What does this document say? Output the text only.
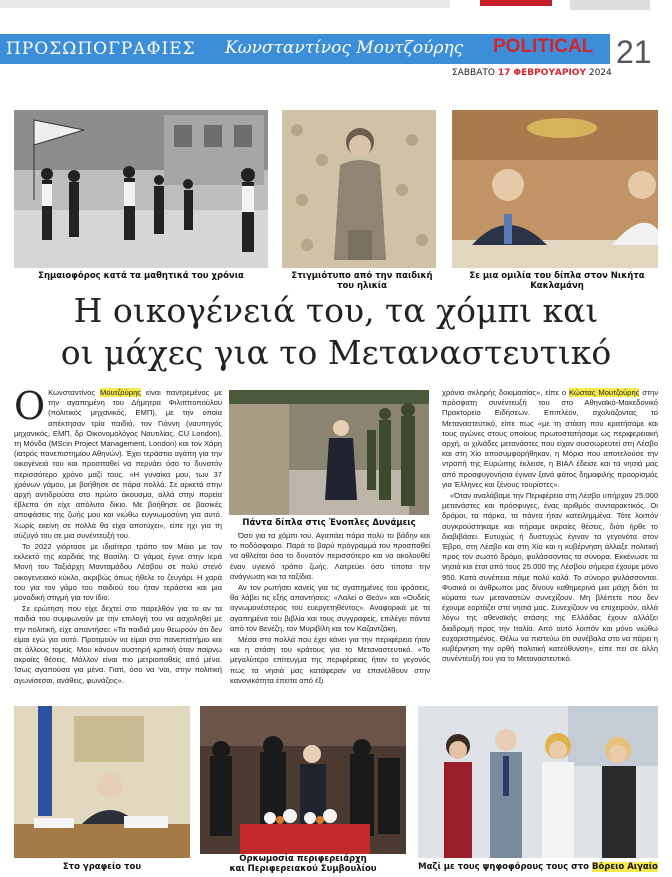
ΠΡΟΣΩΠΟΓΡΑΦΙΕΣ Κωνσταντίνος Μουτζούρης POLITICAL
ΣΑΒΒΑΤΟ 17 ΦΕΒΡΟΥΑΡΙΟΥ 2024
21
Σημαιοφόρος κατά τα μαθητικά του χρόνια	Στιγμιότυπο από την παιδική του ηλικία
Σε μια ομιλία του δίπλα στον Νικήτα Κακλαμάνη
Η οικογένειά του, τα χόμπι και
οι μάχες για το Μεταναστευτικό

Ο Κωνσταντίνος Μουτζούρης είναι παντρεμένος με την αγαπημένη του Δήμητρα Φιλιπποπούλου (πολιτικός μηχανικός, ΕΜΠ), με την οποία απέκτησαν τρία παιδιά, τον Γιάννη (ναυπηγός μηχανικός, ΕΜΠ, δρ Οικονομολόγος Ναυτιλίας, CU London), τη Μόνδα (MScin Project Management, London) και τον Χάρη (ιατρός πανεπιστημίου Αθηνών). Έχει τεράστια αγάπη για την οικογένειά του και προσπαθεί να περνάει όσο το δυνατόν περισσότερο χρόνο μαζί τους. «Η γυναίκα μου, των 37 χρόνων γάμου, με βοήθησε σε πάρα πολλά. Σε αρκετά στην αρχή αντιδρούσα στο πρώτο άκουσμα, αλλά στην πορεία έβλεπα ότι είχε απόλυτο δίκιο. Με βοήθησε σε βασικές αποφάσεις της ζωής μου και νιώθω ευγνωμοσύνη για αυτό. Χωρίς εκείνη σε πολλά θα είχα αποτύχει», είπε ηχι για τη σύζυγό του σε μια συνέντευξή του.

Το 2022 γιόρτασε με ιδιαίτερο τρόπο τον Μάιο με τον εκλεκτό της καρδιάς της Βασίλη. Ο γάμος έγινε στην Ιερά Μονή του Ταξιάρχη Μανταμάδου Λέσβου σε πολύ στενό οικογενειακό κύκλο, ακριβώς όπως ήθελε το ζευγάρι. Η χαρά του για τον γάμο του παιδιού του ήταν τεράστια και μια μοναδική στιγμή για τον ίδιο.

Σε ερώτηση που είχε δεχτεί στο παρελθόν για το αν τα παιδιά του συμφωνούν με την επιλογή του να ασχοληθεί με την πολιτική, είχε απαντήσει: «Τα παιδιά μου θεωρούν ότι δεν είμαι εγώ για αυτό. Προτιμούν να είμαι στο πανεπιστήμιο και σε άλλους τομείς. Μου κάνουν αυστηρή κριτική όταν παίρνω ακραίες θέσεις. Μάλλον είναι πιο μετριοπαθείς από μένα. Ίσως αγαπούσα για μένα. Γιατί, όσο να 'ναι, στην πολιτική αγωνίσεσαι, ανάθεις, φωνάζεις».

Πάντα δίπλα στις Ένοπλες Δυνάμεις

Όσο για τα χόμπι του. Αγαπάει πάρα πολύ το βάδην και το ποδόσφαιρο. Παρά το βαρύ πρόγραμμά του προσπαθεί να αθλείται όσο το δυνατόν περισσότερο και να ακολουθεί έναν υγιεινό τρόπο ζωής. Λατρεύει όσο τίποτα την ανάγνωση και τα ταξίδια.

Αν τον ρωτήσει κανείς για τις αγαπημένες του φράσεις, θα λάβει τις εξής απαντήσεις: «Λαλεί ο Θεόν» και «Ουδείς αγνωμονέστερος του ευεργετηθέντος». Αναφορικά με τα αγαπημένα του βιβλία και τους συγγραφείς, επιλέγει πάντα από τον Βενέζη, τον Μυριβίλη και τον Καζαντζάκη.

Μέσα στο πολλά που έχει κάνει για την περιφέρεια ήταν και η στάση του κράτους για το Μεταναστευτικό. «Το μεγαλύτερο επίτευγμα της περιφέρειας ήταν το γεγονός πως τα νησιά μας κατάφεραν να επανέλθουν στην κανονικότητα έπειτα από έξι

χρόνια σκληρής δοκιμασίας», είπε ο Κώστας Μουτζούρης στην πρόσφατη συνέντευξή του στο Αθηναϊκό-Μακεδονικό Πρακτορείο Ειδήσεων. Επιπλέον, σχολιάζοντας το Μεταναστευτικό, είπε πως «με τη στάση που κρατήσαμε και τους αγώνες στους οποίους πρωτοστατήσαμε ως περιφερειακή αρχή, οι χιλιάδες μετανάστες που είχαν συσσωρευτεί στη Λέσβο και στη Χίο αποσυμφορήθηκαν, η Μόρια που αποτελούσε την ντροπή της Ευρώπης έκλεισε, η ΒΙΑΛ έδεισε και τα νησιά μας από προσφυγονήσια έγιναν ξανά φάτος δημοφιλής προορισμός για Έλληνες και ξένους τουρίστες».

«Όταν αναλάβαμε την Περιφέρεια στη Λέσβο υπήρχαν 25.000 μετανάστες και πρόσφυγες, ένας αριθμός συνταρακτικός. Οι δρόμοι, τα πάρκα, τα πάντα ήταν κατειλημμένα. Τότε λοιπόν συγκρούστηκαμε και πήραμε ακραίες θέσεις, διότι ήρθε το διαβιβάσει. Ευτυχώς ή δυστυχώς έγιναν τα γεγονότα στον Έβρο, στη Λέσβο και στη Χίο και η κυβέρνηση άλλαξε πολιτική προς τον σωστό δρόμο, φυλάσσοντας τα σύνορα. Εκκένωσε τα νησιά και έτσι από τους 25.000 της Λέσβου σήμερα έχουμε μόνο 950. Κατά συνέπεια πάμε πολύ καλά. Το σύνορο φυλάσσονται. Φυσικά οι άνθρωποι μας δίνουν καθημερινά μια μάχη διότι τα κύματα των μεταναστών συνεχίζουν. Μη βλέπετε που δεν έχουμε εορτάζει στα νησιά μας. Συνεχίζουν να επιχειρούν, αλλά λόγω της αθεναϊκής στάσης της Ελλάδας έχουν αλλάξει διαδρομή προς την Ιταλία. Από αυτό λοιπόν και μόνο νιώθω ευχαριστημένος. Θέλω να πιστεύω ότι συνέβαλα στο να πάρει η κυβέρνηση την ορθή πολιτική κατεύθυνση», είπε πει σε άλλη συνέντευξή του για το Μεταναστευτικό.

Στο γραφείο του
Ορκωμοσία περιφερειάρχη
και Περιφερειακού Συμβουλίου	Μαζί με τους ψηφοφόρους τους στο Βόρειο Αιγαίο
